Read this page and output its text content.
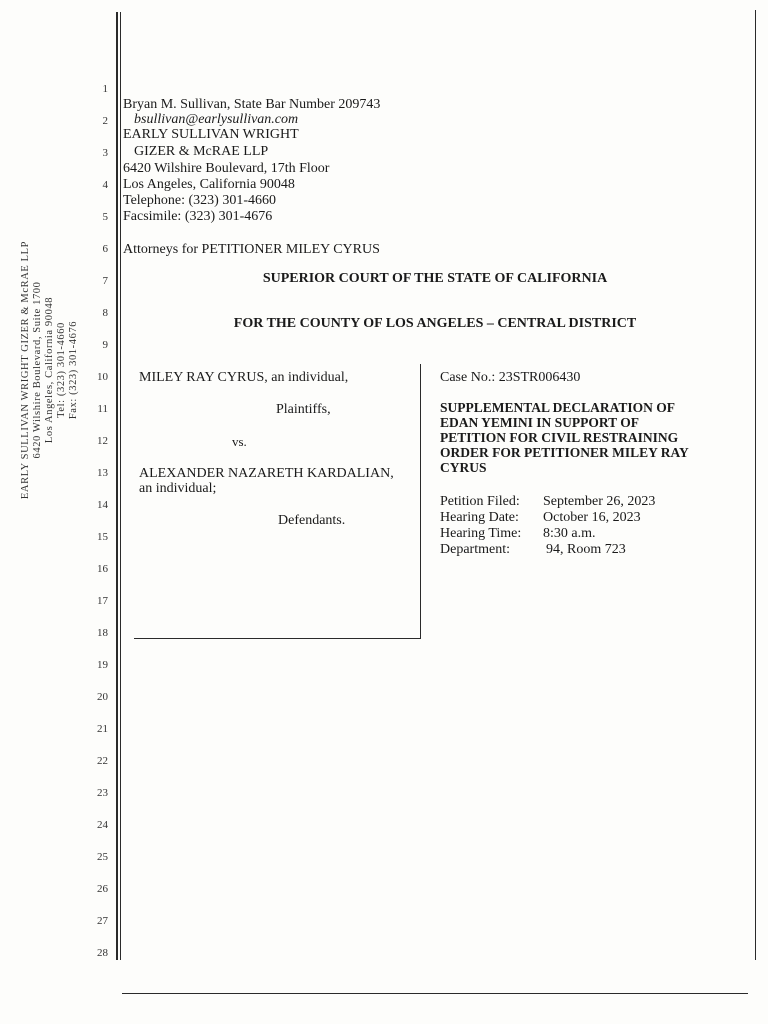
EARLY SULLIVAN WRIGHT GIZER & McRAE LLP 6420 Wilshire Boulevard, Suite 1700 Los Angeles, California 90048 Tel: (323) 301-4660 Fax: (323) 301-4676
1
2
3
4
5
6
7
8
9
10
11
12
13
14
15
16
17
18
19
20
21
22
23
24
25
26
27
28
Bryan M. Sullivan, State Bar Number 209743
bsullivan@earlysullivan.com
EARLY SULLIVAN WRIGHT
GIZER & McRAE LLP
6420 Wilshire Boulevard, 17th Floor
Los Angeles, California 90048
Telephone: (323) 301-4660
Facsimile: (323) 301-4676
Attorneys for PETITIONER MILEY CYRUS
SUPERIOR COURT OF THE STATE OF CALIFORNIA
FOR THE COUNTY OF LOS ANGELES – CENTRAL DISTRICT
MILEY RAY CYRUS, an individual,
Plaintiffs,
vs.
ALEXANDER NAZARETH KARDALIAN,
an individual;
Defendants.
Case No.: 23STR006430
SUPPLEMENTAL DECLARATION OF
EDAN YEMINI IN SUPPORT OF
PETITION FOR CIVIL RESTRAINING
ORDER FOR PETITIONER MILEY RAY
CYRUS
Petition Filed:	September 26, 2023
Hearing Date:	October 16, 2023
Hearing Time:	8:30 a.m.
Department:	94, Room 723
